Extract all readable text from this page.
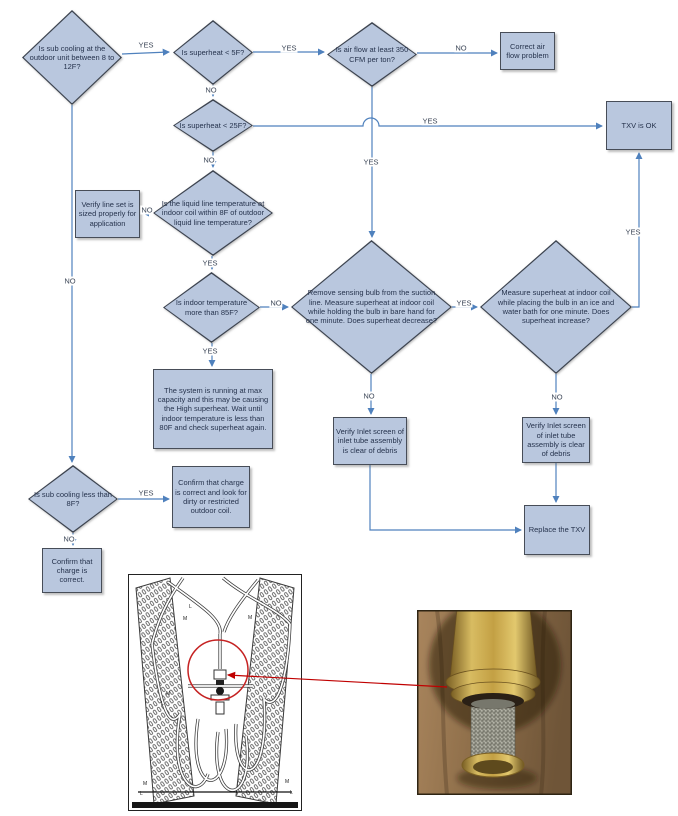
Is sub cooling at the outdoor unit between 8 to 12F?
Is superheat < 5F?	Is air flow at least 350 CFM per ton?
Correct air flow problem
Is superheat < 25F?	TXV is OK
Verify line set is sized properly for application
Is the liquid line temperature at indoor coil within 8F of outdoor liquid line temperature?
Is indoor temperature more than 85F?
The system is running at max capacity and this may be causing the High superheat. Wait until indoor temperature is less than 80F and check superheat again.
Remove sensing bulb from the suction line. Measure superheat at indoor coil while holding the bulb in bare hand for one minute. Does superheat decrease?
Measure superheat at indoor coil while placing the bulb in an ice and water bath for one minute. Does superheat increase?
Verify Inlet screen of inlet tube assembly is clear of debris
Verify Inlet screen of inlet tube assembly is clear of debris
Replace the TXV
Is sub cooling less than 8F?
Confirm that charge is correct and look for dirty or restricted outdoor coil.
Confirm that charge is correct.
YES	YES	NO
NO
YES
NO	YES
NO
YES
NO
YES
YES
YES
NO	NO
NO
YES
NO
M
L
M
M
L
M
L
M
L
